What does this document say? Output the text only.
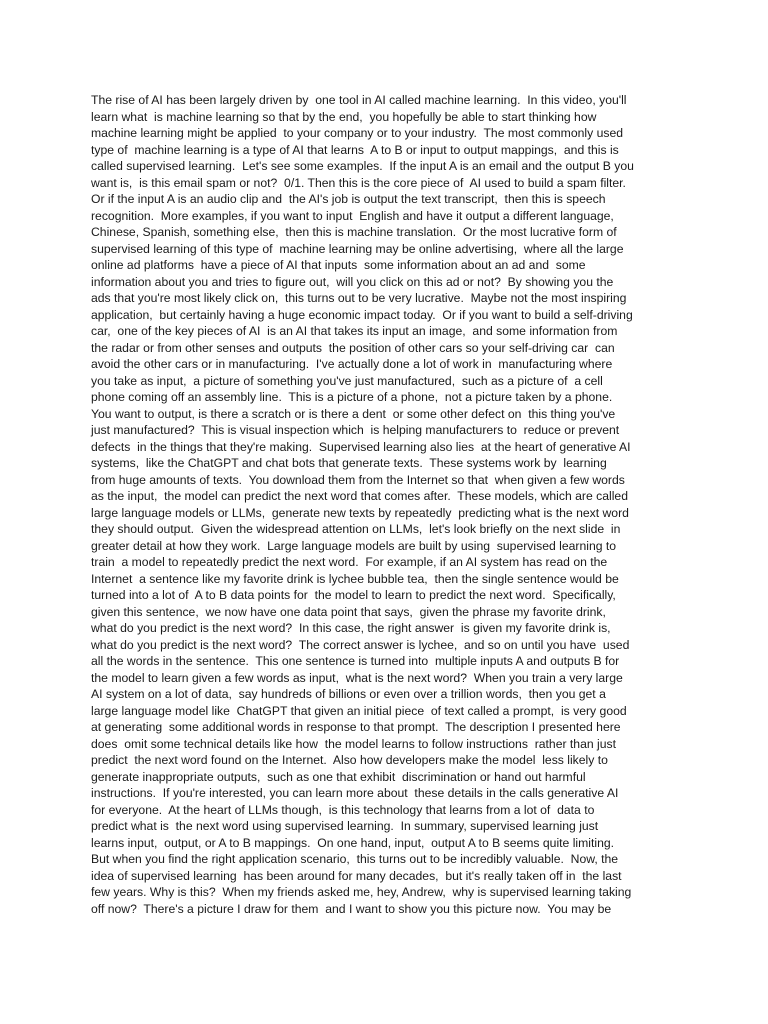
The rise of AI has been largely driven by  one tool in AI called machine learning.  In this video, you'll
learn what  is machine learning so that by the end,  you hopefully be able to start thinking how
machine learning might be applied  to your company or to your industry.  The most commonly used
type of  machine learning is a type of AI that learns  A to B or input to output mappings,  and this is
called supervised learning.  Let's see some examples.  If the input A is an email and the output B you
want is,  is this email spam or not?  0/1. Then this is the core piece of  AI used to build a spam filter.
Or if the input A is an audio clip and  the AI's job is output the text transcript,  then this is speech
recognition.  More examples, if you want to input  English and have it output a different language,
Chinese, Spanish, something else,  then this is machine translation.  Or the most lucrative form of
supervised learning of this type of  machine learning may be online advertising,  where all the large
online ad platforms  have a piece of AI that inputs  some information about an ad and  some
information about you and tries to figure out,  will you click on this ad or not?  By showing you the
ads that you're most likely click on,  this turns out to be very lucrative.  Maybe not the most inspiring
application,  but certainly having a huge economic impact today.  Or if you want to build a self-driving
car,  one of the key pieces of AI  is an AI that takes its input an image,  and some information from
the radar or from other senses and outputs  the position of other cars so your self-driving car  can
avoid the other cars or in manufacturing.  I've actually done a lot of work in  manufacturing where
you take as input,  a picture of something you've just manufactured,  such as a picture of  a cell
phone coming off an assembly line.  This is a picture of a phone,  not a picture taken by a phone.
You want to output, is there a scratch or is there a dent  or some other defect on  this thing you've
just manufactured?  This is visual inspection which  is helping manufacturers to  reduce or prevent
defects  in the things that they're making.  Supervised learning also lies  at the heart of generative AI
systems,  like the ChatGPT and chat bots that generate texts.  These systems work by  learning
from huge amounts of texts.  You download them from the Internet so that  when given a few words
as the input,  the model can predict the next word that comes after.  These models, which are called
large language models or LLMs,  generate new texts by repeatedly  predicting what is the next word
they should output.  Given the widespread attention on LLMs,  let's look briefly on the next slide  in
greater detail at how they work.  Large language models are built by using  supervised learning to
train  a model to repeatedly predict the next word.  For example, if an AI system has read on the
Internet  a sentence like my favorite drink is lychee bubble tea,  then the single sentence would be
turned into a lot of  A to B data points for  the model to learn to predict the next word.  Specifically,
given this sentence,  we now have one data point that says,  given the phrase my favorite drink,
what do you predict is the next word?  In this case, the right answer  is given my favorite drink is,
what do you predict is the next word?  The correct answer is lychee,  and so on until you have  used
all the words in the sentence.  This one sentence is turned into  multiple inputs A and outputs B for
the model to learn given a few words as input,  what is the next word?  When you train a very large
AI system on a lot of data,  say hundreds of billions or even over a trillion words,  then you get a
large language model like  ChatGPT that given an initial piece  of text called a prompt,  is very good
at generating  some additional words in response to that prompt.  The description I presented here
does  omit some technical details like how  the model learns to follow instructions  rather than just
predict  the next word found on the Internet.  Also how developers make the model  less likely to
generate inappropriate outputs,  such as one that exhibit  discrimination or hand out harmful
instructions.  If you're interested, you can learn more about  these details in the calls generative AI
for everyone.  At the heart of LLMs though,  is this technology that learns from a lot of  data to
predict what is  the next word using supervised learning.  In summary, supervised learning just
learns input,  output, or A to B mappings.  On one hand, input,  output A to B seems quite limiting.
But when you find the right application scenario,  this turns out to be incredibly valuable.  Now, the
idea of supervised learning  has been around for many decades,  but it's really taken off in  the last
few years. Why is this?  When my friends asked me, hey, Andrew,  why is supervised learning taking
off now?  There's a picture I draw for them  and I want to show you this picture now.  You may be
